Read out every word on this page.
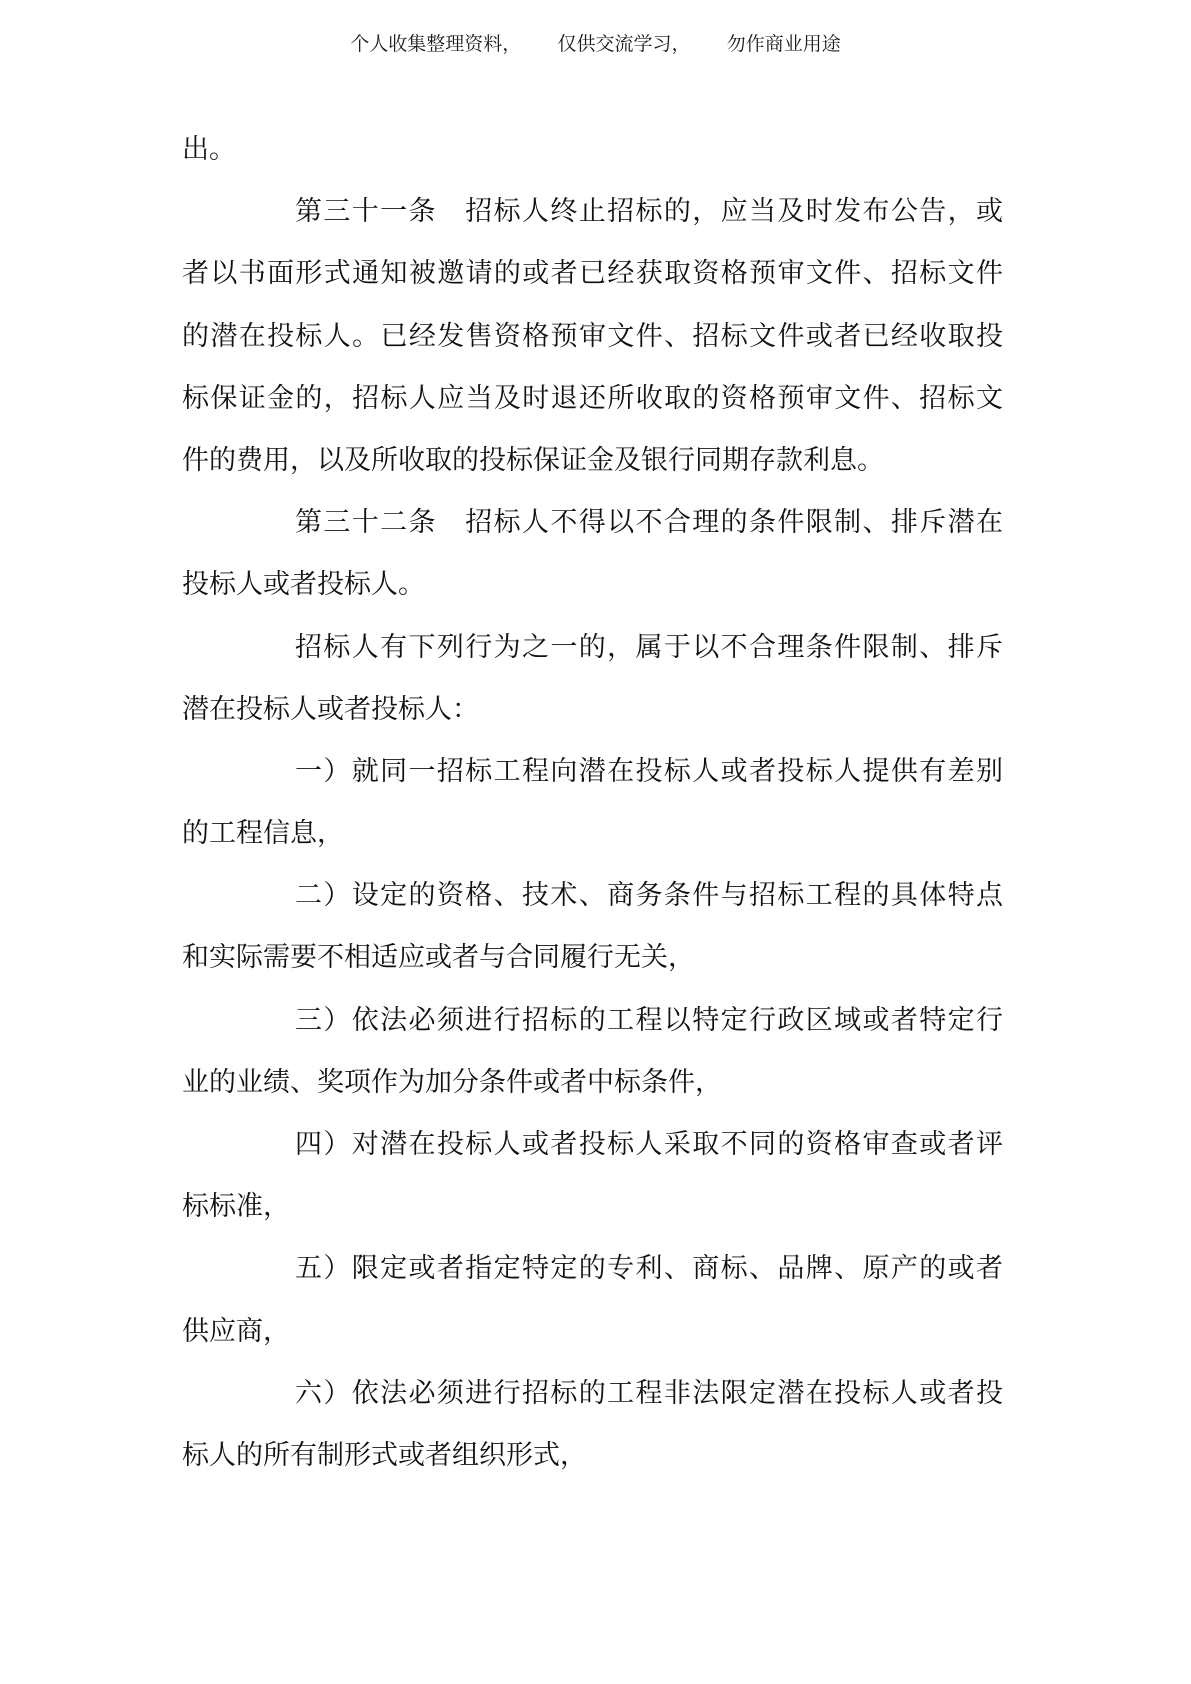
个人收集整理资料，      仅供交流学习，      勿作商业用途
出。
第三十一条　招标人终止招标的，应当及时发布公告，或
者以书面形式通知被邀请的或者已经获取资格预审文件、招标文件
的潜在投标人。已经发售资格预审文件、招标文件或者已经收取投
标保证金的，招标人应当及时退还所收取的资格预审文件、招标文
件的费用，以及所收取的投标保证金及银行同期存款利息。
第三十二条　招标人不得以不合理的条件限制、排斥潜在
投标人或者投标人。
招标人有下列行为之一的，属于以不合理条件限制、排斥
潜在投标人或者投标人：
一）就同一招标工程向潜在投标人或者投标人提供有差别
的工程信息，
二）设定的资格、技术、商务条件与招标工程的具体特点
和实际需要不相适应或者与合同履行无关，
三）依法必须进行招标的工程以特定行政区域或者特定行
业的业绩、奖项作为加分条件或者中标条件，
四）对潜在投标人或者投标人采取不同的资格审查或者评
标标准，
五）限定或者指定特定的专利、商标、品牌、原产的或者
供应商，
六）依法必须进行招标的工程非法限定潜在投标人或者投
标人的所有制形式或者组织形式，
